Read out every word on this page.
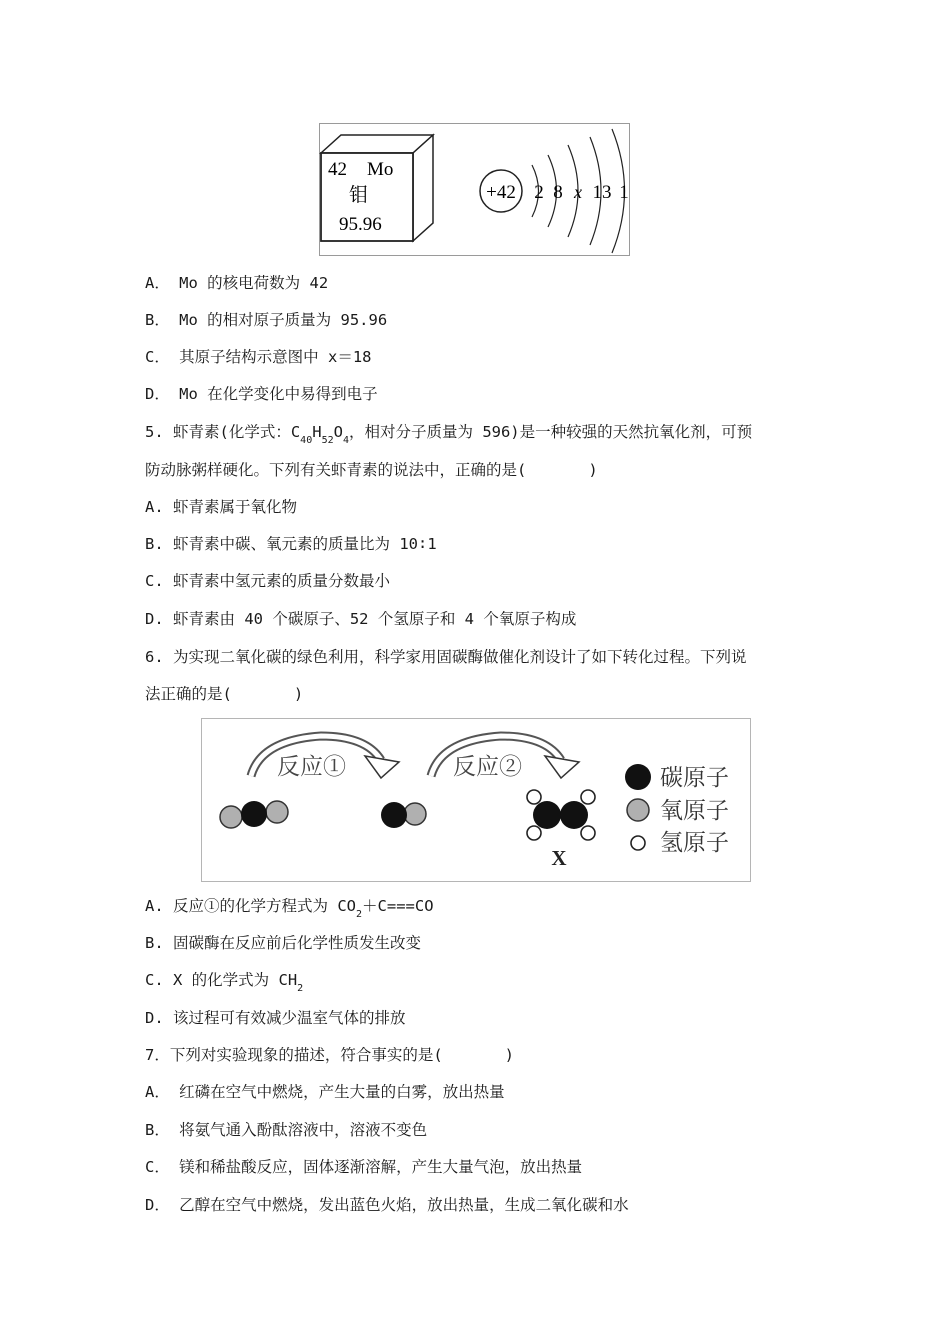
42 Mo
钼
95.96
+42 2 8 x 13 1
A． Mo 的核电荷数为 42
B． Mo 的相对原子质量为 95.96
C． 其原子结构示意图中 x＝18
D． Mo 在化学变化中易得到电子
5. 虾青素(化学式：$C_{40}H_{52}O_4$，相对分子质量为 596)是一种较强的天然抗氧化剂，可预
防动脉粥样硬化。下列有关虾青素的说法中，正确的是(　　　　)
A. 虾青素属于氧化物
B. 虾青素中碳、氧元素的质量比为 10∶1
C. 虾青素中氢元素的质量分数最小
D. 虾青素由 40 个碳原子、52 个氢原子和 4 个氧原子构成
6. 为实现二氧化碳的绿色利用，科学家用固碳酶做催化剂设计了如下转化过程。下列说
法正确的是(　　　　)
反应①	反应②
X
碳原子
氧原子
氢原子
A. 反应①的化学方程式为 $CO_2+C===CO$
B. 固碳酶在反应前后化学性质发生改变
C. X 的化学式为 $CH_2$
D. 该过程可有效减少温室气体的排放
7．下列对实验现象的描述，符合事实的是(　　　　)
A． 红磷在空气中燃烧，产生大量的白雾，放出热量
B． 将氨气通入酚酞溶液中，溶液不变色
C． 镁和稀盐酸反应，固体逐渐溶解，产生大量气泡，放出热量
D． 乙醇在空气中燃烧，发出蓝色火焰，放出热量，生成二氧化碳和水
